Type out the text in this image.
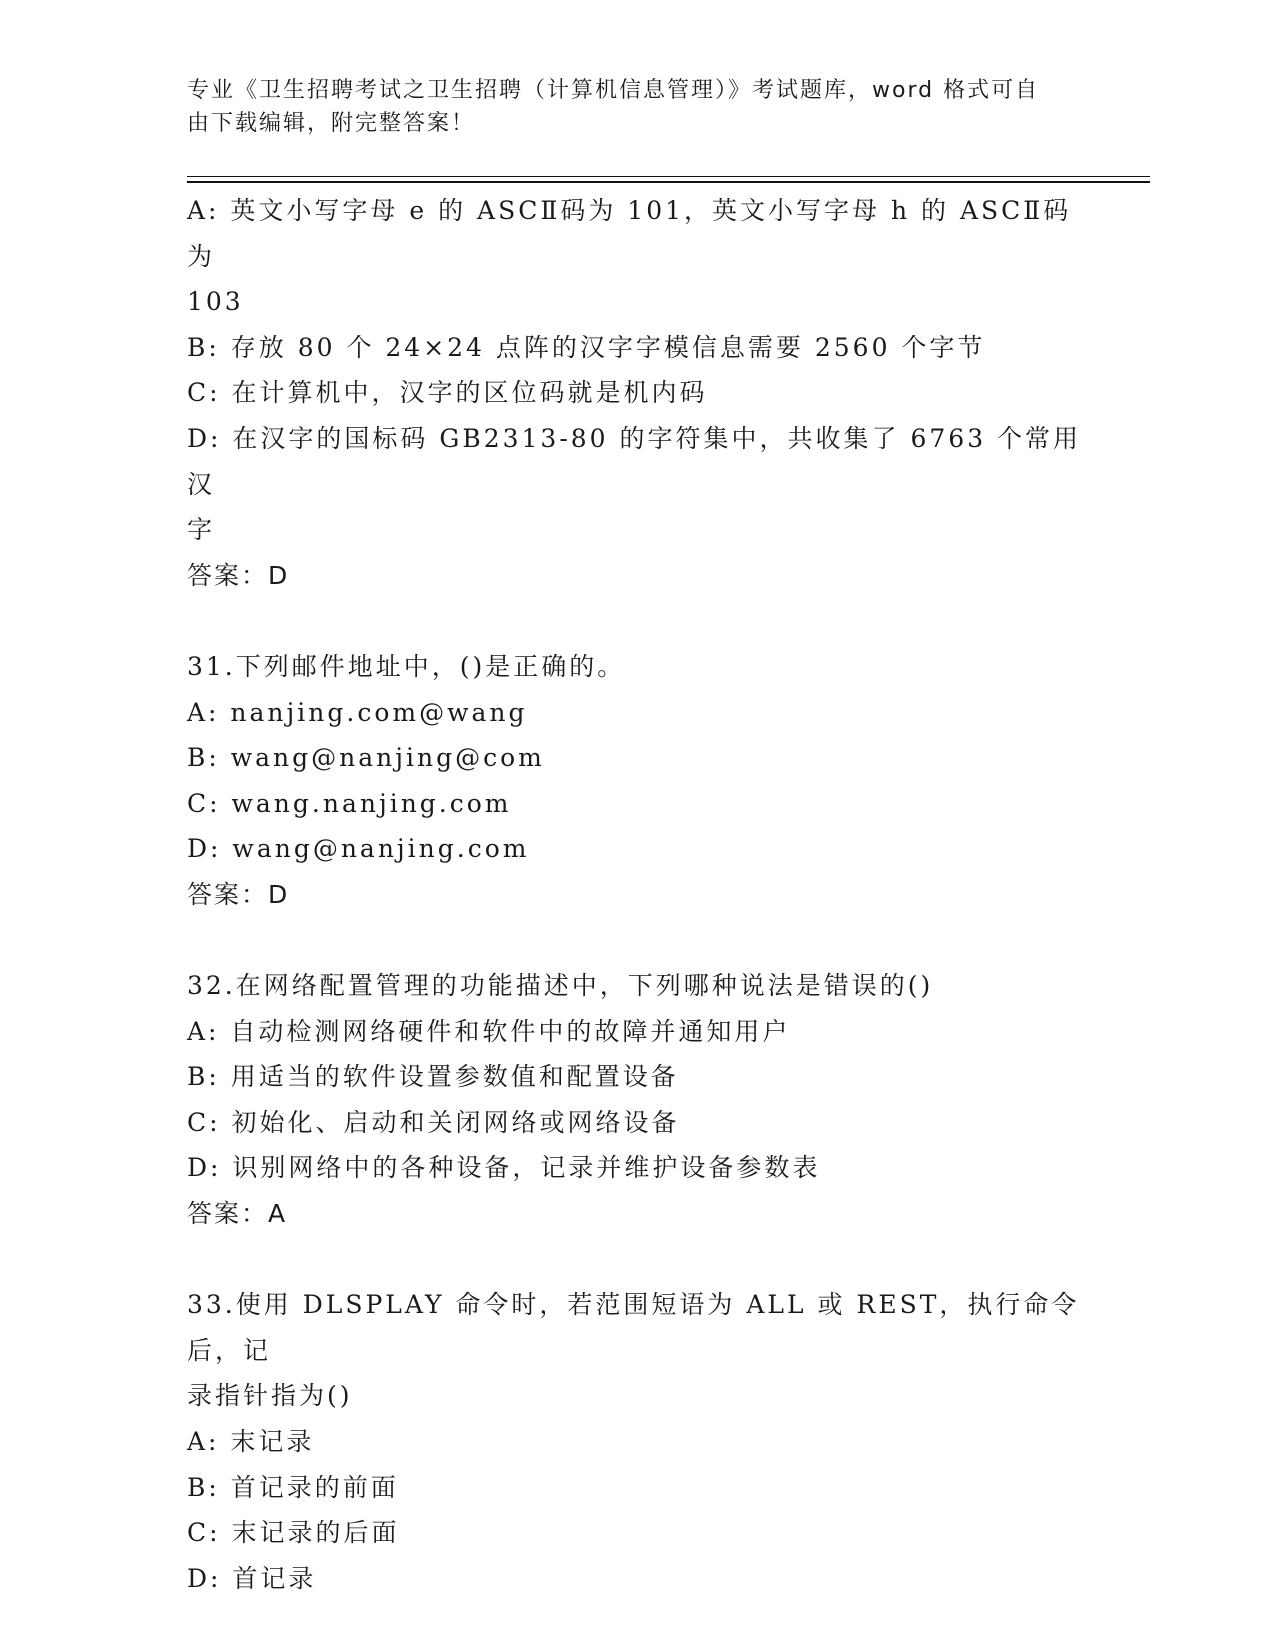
专业《卫生招聘考试之卫生招聘（计算机信息管理）》考试题库，word 格式可自
由下载编辑，附完整答案！
A: 英文小写字母 e 的 ASCⅡ码为 101，英文小写字母 h 的 ASCⅡ码为
103
B: 存放 80 个 24×24 点阵的汉字字模信息需要 2560 个字节
C: 在计算机中，汉字的区位码就是机内码
D: 在汉字的国标码 GB2313-80 的字符集中，共收集了 6763 个常用汉
字
答案：D
31.下列邮件地址中，()是正确的。
A: nanjing.com@wang
B: wang@nanjing@com
C: wang.nanjing.com
D: wang@nanjing.com
答案：D
32.在网络配置管理的功能描述中，下列哪种说法是错误的()
A: 自动检测网络硬件和软件中的故障并通知用户
B: 用适当的软件设置参数值和配置设备
C: 初始化、启动和关闭网络或网络设备
D: 识别网络中的各种设备，记录并维护设备参数表
答案：A
33.使用 DLSPLAY 命令时，若范围短语为 ALL 或 REST，执行命令后，记
录指针指为()
A: 末记录
B: 首记录的前面
C: 末记录的后面
D: 首记录
